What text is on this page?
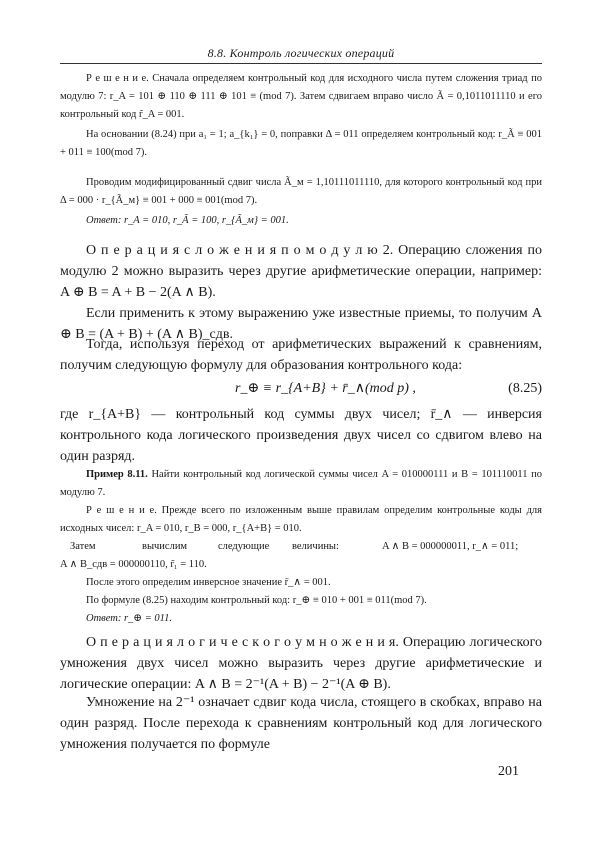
8.8. Контроль логических операций
Р е ш е н и е. Сначала определяем контрольный код для исходного числа путем сложения триад по модулю 7: r_A = 101 ⊕ 110 ⊕ 111 ⊕ 101 ≡ (mod 7). Затем сдвигаем вправо число Ã = 0,1011011110 и его контрольный код r̃_A = 001.
На основании (8.24) при a₁ = 1; a_{k₁} = 0, поправки Δ = 011 определяем контрольный код: r_Ã ≡ 001 + 011 ≡ 100(mod 7).
Проводим модифицированный сдвиг числа Ã_м = 1,10111011110, для которого контрольный код при Δ = 000 · r_{Ã_м} ≡ 001 + 000 ≡ 001(mod 7).
Ответ: r_A = 010, r_Ã = 100, r_{Ã_м} = 001.
О п е р а ц и я с л о ж е н и я п о м о д у л ю 2. Операцию сложения по модулю 2 можно выразить через другие арифметические операции, например: A ⊕ B = A + B − 2(A ∧ B).
Если применить к этому выражению уже известные приемы, то получим A ⊕ B = (A + B) + (A ∧ B)_сдв.
Тогда, используя переход от арифметических выражений к сравнениям, получим следующую формулу для образования контрольного кода:
r_⊕ ≡ r_{A+B} + r̄_∧(mod p) ,	(8.25)
где r_{A+B} — контрольный код суммы двух чисел; r̄_∧ — инверсия контрольного кода логического произведения двух чисел со сдвигом влево на один разряд.
Пример 8.11. Найти контрольный код логической суммы чисел A = 010000111 и B = 101110011 по модулю 7.
Р е ш е н и е. Прежде всего по изложенным выше правилам определим контрольные коды для исходных чисел: r_A = 010, r_B = 000, r_{A+B} = 010.
Затем	вычислим	следующие величины:	A ∧ B = 000000011, r_∧ = 011;
A ∧ B_сдв = 000000110, r̃₁ = 110.
После этого определим инверсное значение r̄_∧ = 001.
По формуле (8.25) находим контрольный код: r_⊕ ≡ 010 + 001 ≡ 011(mod 7).
Ответ: r_⊕ = 011.
О п е р а ц и я л о г и ч е с к о г о у м н о ж е н и я. Операцию логического умножения двух чисел можно выразить через другие арифметические и логические операции: A ∧ B = 2⁻¹(A + B) − 2⁻¹(A ⊕ B).
Умножение на 2⁻¹ означает сдвиг кода числа, стоящего в скобках, вправо на один разряд. После перехода к сравнениям контрольный код для логического умножения получается по формуле
201
